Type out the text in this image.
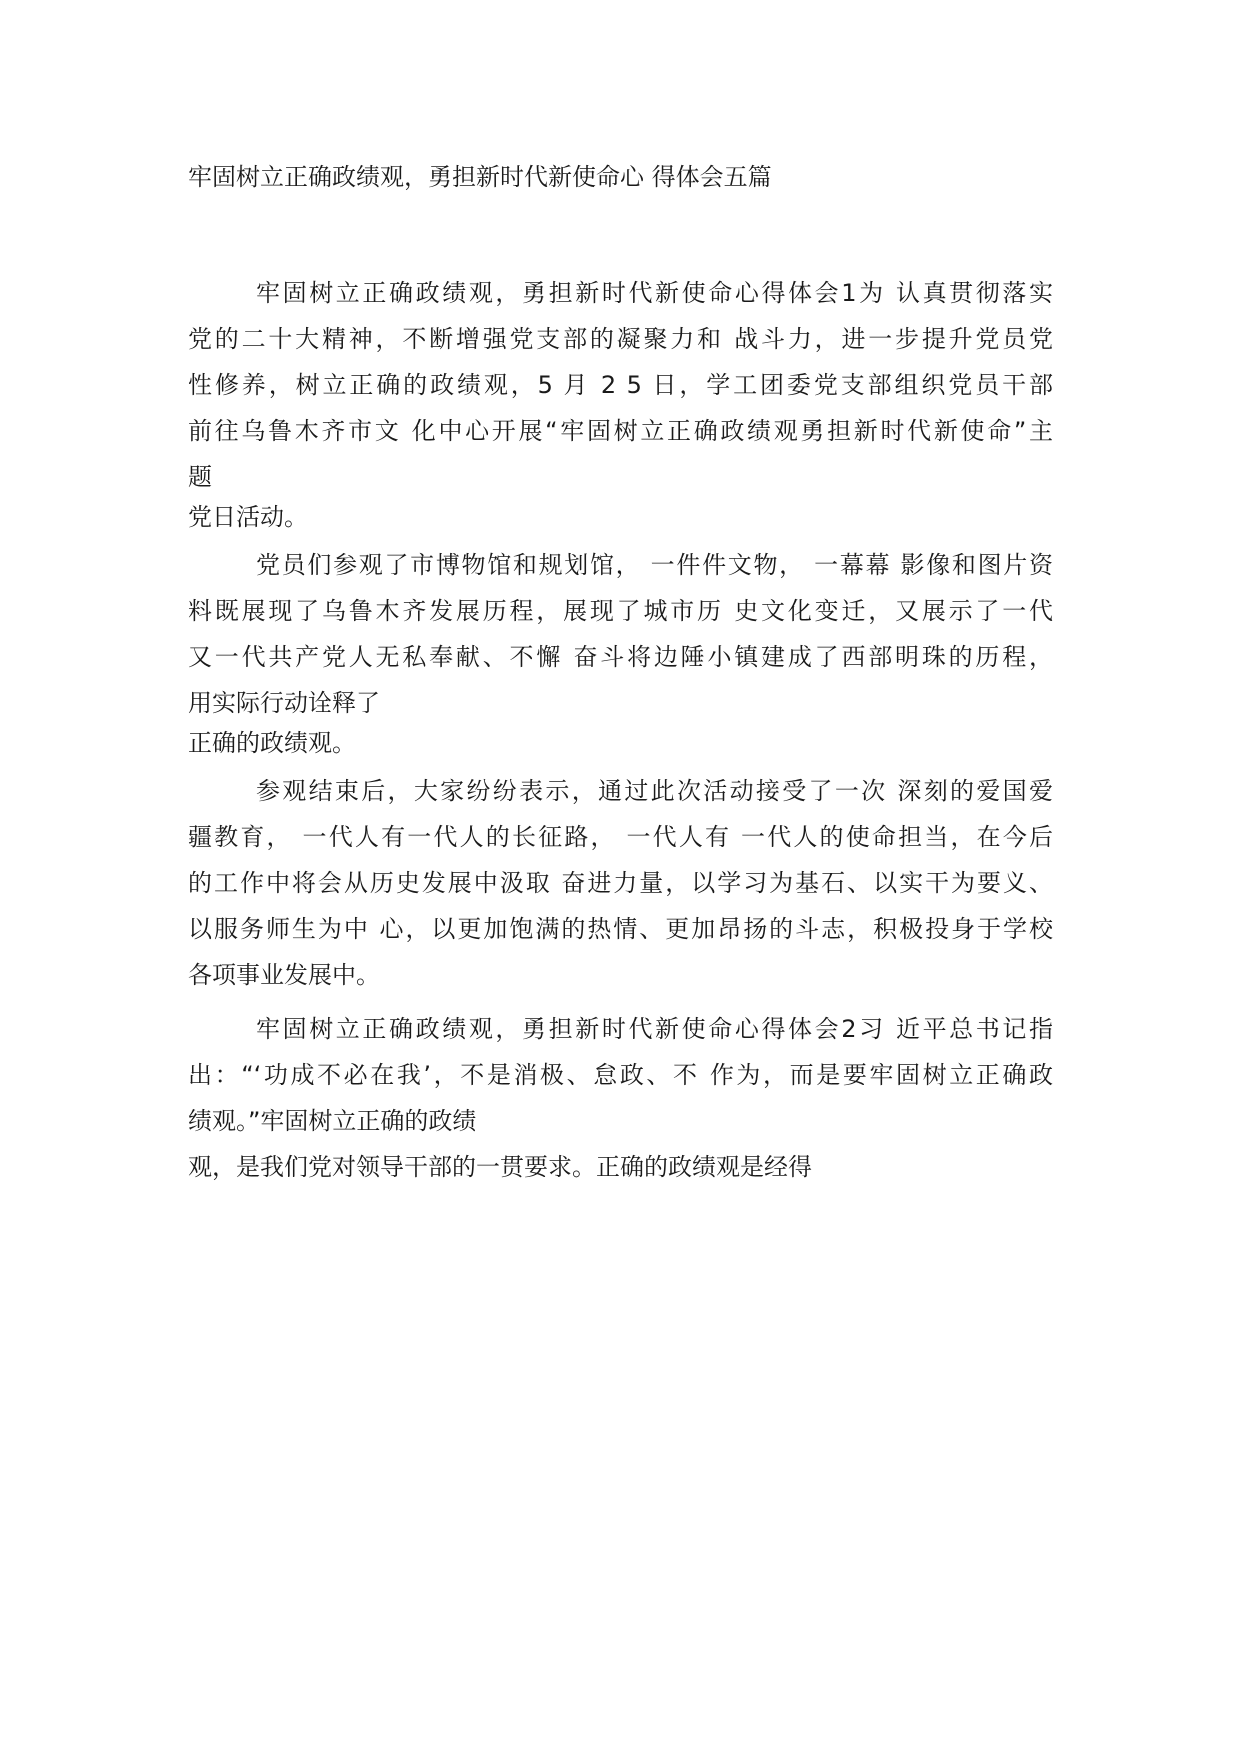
牢固树立正确政绩观，勇担新时代新使命心 得体会五篇
牢固树立正确政绩观，勇担新时代新使命心得体会1为 认真贯彻落实
党的二十大精神，不断增强党支部的凝聚力和 战斗力，进一步提升党员党
性修养，树立正确的政绩观，5 月 2 5 日，学工团委党支部组织党员干部
前往乌鲁木齐市文 化中心开展“牢固树立正确政绩观勇担新时代新使命”主
题
党日活动。
党员们参观了市博物馆和规划馆， 一件件文物， 一幕幕 影像和图片资
料既展现了乌鲁木齐发展历程，展现了城市历 史文化变迁，又展示了一代
又一代共产党人无私奉献、不懈 奋斗将边陲小镇建成了西部明珠的历程，
用实际行动诠释了
正确的政绩观。
参观结束后，大家纷纷表示，通过此次活动接受了一次 深刻的爱国爱
疆教育， 一代人有一代人的长征路， 一代人有 一代人的使命担当，在今后
的工作中将会从历史发展中汲取 奋进力量，以学习为基石、以实干为要义、
以服务师生为中 心，以更加饱满的热情、更加昂扬的斗志，积极投身于学校
各项事业发展中。
牢固树立正确政绩观，勇担新时代新使命心得体会2习 近平总书记指
出：“‘功成不必在我’，不是消极、怠政、不 作为，而是要牢固树立正确政
绩观。”牢固树立正确的政绩
观，是我们党对领导干部的一贯要求。正确的政绩观是经得
